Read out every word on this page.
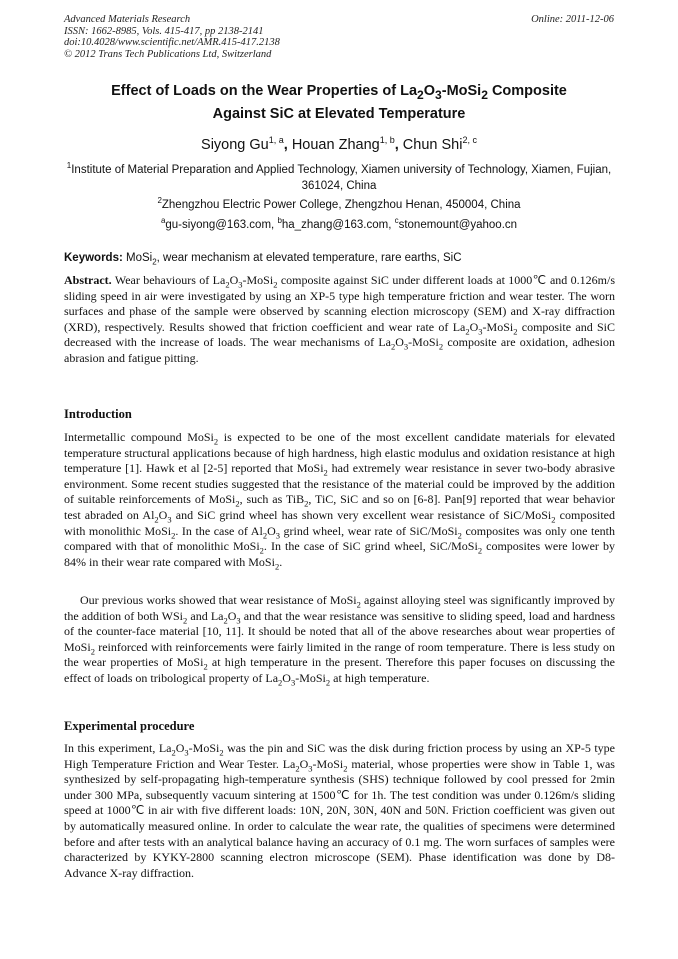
Advanced Materials Research
ISSN: 1662-8985, Vols. 415-417, pp 2138-2141
doi:10.4028/www.scientific.net/AMR.415-417.2138
© 2012 Trans Tech Publications Ltd, Switzerland
Online: 2011-12-06
Effect of Loads on the Wear Properties of $La_2O_3-MoSi_2$ Composite
Against SiC at Elevated Temperature
Siyong Gu$^{1, a}$, Houan Zhang$^{1, b}$, Chun Shi$^{2, c}$
$^1$Institute of Material Preparation and Applied Technology, Xiamen university of Technology, Xiamen, Fujian, 361024, China
$^2$Zhengzhou Electric Power College, Zhengzhou Henan, 450004, China
$^a$gu-siyong@163.com, $^b$ha_zhang@163.com, $^c$stonemount@yahoo.cn
Keywords: MoSi$_2$, wear mechanism at elevated temperature, rare earths, SiC

Abstract. Wear behaviours of $La_2O_3-MoSi_2$ composite against SiC under different loads at 1000℃ and 0.126m/s sliding speed in air were investigated by using an XP-5 type high temperature friction and wear tester. The worn surfaces and phase of the sample were observed by scanning election microscopy (SEM) and X-ray diffraction (XRD), respectively. Results showed that friction coefficient and wear rate of $La_2O_3-MoSi_2$ composite and SiC decreased with the increase of loads. The wear mechanisms of $La_2O_3-MoSi_2$ composite are oxidation, adhesion abrasion and fatigue pitting.

Introduction

Intermetallic compound MoSi$_2$ is expected to be one of the most excellent candidate materials for elevated temperature structural applications because of high hardness, high elastic modulus and oxidation resistance at high temperature [1]. Hawk et al [2-5] reported that MoSi$_2$ had extremely wear resistance in sever two-body abrasive environment. Some recent studies suggested that the resistance of the material could be improved by the addition of suitable reinforcements of MoSi$_2$, such as TiB$_2$, TiC, SiC and so on [6-8]. Pan[9] reported that wear behavior test abraded on $Al_2O_3$ and SiC grind wheel has shown very excellent wear resistance of SiC/MoSi$_2$ composited with monolithic MoSi$_2$. In the case of $Al_2O_3$ grind wheel, wear rate of SiC/MoSi$_2$ composites was only one tenth compared with that of monolithic MoSi$_2$. In the case of SiC grind wheel, SiC/MoSi$_2$ composites were lower by 84% in their wear rate compared with MoSi$_2$.

Our previous works showed that wear resistance of MoSi$_2$ against alloying steel was significantly improved by the addition of both WSi$_2$ and $La_2O_3$ and that the wear resistance was sensitive to sliding speed, load and hardness of the counter-face material [10, 11]. It should be noted that all of the above researches about wear properties of MoSi$_2$ reinforced with reinforcements were fairly limited in the range of room temperature. There is less study on the wear properties of MoSi$_2$ at high temperature in the present. Therefore this paper focuses on discussing the effect of loads on tribological property of $La_2O_3-MoSi_2$ at high temperature.

Experimental procedure

In this experiment, $La_2O_3-MoSi_2$ was the pin and SiC was the disk during friction process by using an XP-5 type High Temperature Friction and Wear Tester. $La_2O_3-MoSi_2$ material, whose properties were show in Table 1, was synthesized by self-propagating high-temperature synthesis (SHS) technique followed by cool pressed for 2min under 300 MPa, subsequently vacuum sintering at 1500℃ for 1h. The test condition was under 0.126m/s sliding speed at 1000℃ in air with five different loads: 10N, 20N, 30N, 40N and 50N. Friction coefficient was given out by automatically measured online. In order to calculate the wear rate, the qualities of specimens were determined before and after tests with an analytical balance having an accuracy of 0.1 mg. The worn surfaces of samples were characterized by KYKY-2800 scanning electron microscope (SEM). Phase identification was done by D8-Advance X-ray diffraction.
